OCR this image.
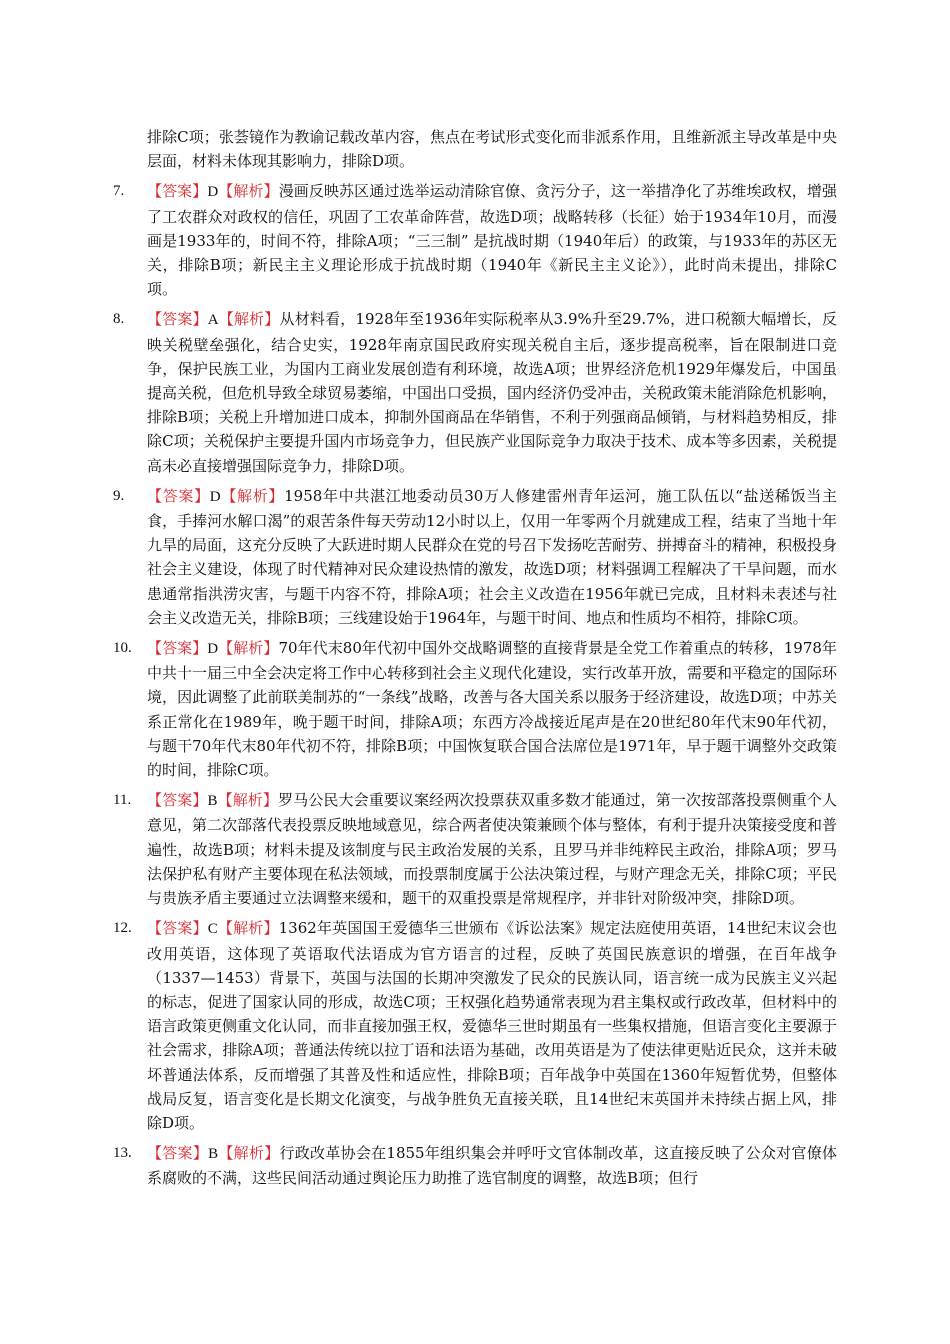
排除C项；张荟镜作为教谕记载改革内容，焦点在考试形式变化而非派系作用，且维新派主导改革是中央层面，材料未体现其影响力，排除D项。

7. 【答案】D【解析】漫画反映苏区通过选举运动清除官僚、贪污分子，这一举措净化了苏维埃政权，增强了工农群众对政权的信任，巩固了工农革命阵营，故选D项；战略转移（长征）始于1934年10月，而漫画是1933年的，时间不符，排除A项；“三三制” 是抗战时期（1940年后）的政策，与1933年的苏区无关，排除B项；新民主主义理论形成于抗战时期（1940年《新民主主义论》），此时尚未提出，排除C项。
8. 【答案】A【解析】从材料看，1928年至1936年实际税率从3.9%升至29.7%，进口税额大幅增长，反映关税壁垒强化，结合史实，1928年南京国民政府实现关税自主后，逐步提高税率，旨在限制进口竞争，保护民族工业，为国内工商业发展创造有利环境，故选A项；世界经济危机1929年爆发后，中国虽提高关税，但危机导致全球贸易萎缩，中国出口受损，国内经济仍受冲击，关税政策未能消除危机影响，排除B项；关税上升增加进口成本，抑制外国商品在华销售，不利于列强商品倾销，与材料趋势相反，排除C项；关税保护主要提升国内市场竞争力，但民族产业国际竞争力取决于技术、成本等多因素，关税提高未必直接增强国际竞争力，排除D项。
9. 【答案】D【解析】1958年中共湛江地委动员30万人修建雷州青年运河，施工队伍以“盐送稀饭当主食，手捧河水解口渴”的艰苦条件每天劳动12小时以上，仅用一年零两个月就建成工程，结束了当地十年九旱的局面，这充分反映了大跃进时期人民群众在党的号召下发扬吃苦耐劳、拼搏奋斗的精神，积极投身社会主义建设，体现了时代精神对民众建设热情的激发，故选D项；材料强调工程解决了干旱问题，而水患通常指洪涝灾害，与题干内容不符，排除A项；社会主义改造在1956年就已完成，且材料未表述与社会主义改造无关，排除B项；三线建设始于1964年，与题干时间、地点和性质均不相符，排除C项。
10. 【答案】D【解析】70年代末80年代初中国外交战略调整的直接背景是全党工作着重点的转移，1978年中共十一届三中全会决定将工作中心转移到社会主义现代化建设，实行改革开放，需要和平稳定的国际环境，因此调整了此前联美制苏的“一条线”战略，改善与各大国关系以服务于经济建设，故选D项；中苏关系正常化在1989年，晚于题干时间，排除A项；东西方冷战接近尾声是在20世纪80年代末90年代初，与题干70年代末80年代初不符，排除B项；中国恢复联合国合法席位是1971年，早于题干调整外交政策的时间，排除C项。
11. 【答案】B【解析】罗马公民大会重要议案经两次投票获双重多数才能通过，第一次按部落投票侧重个人意见，第二次部落代表投票反映地域意见，综合两者使决策兼顾个体与整体，有利于提升决策接受度和普遍性，故选B项；材料未提及该制度与民主政治发展的关系，且罗马并非纯粹民主政治，排除A项；罗马法保护私有财产主要体现在私法领域，而投票制度属于公法决策过程，与财产理念无关，排除C项；平民与贵族矛盾主要通过立法调整来缓和，题干的双重投票是常规程序，并非针对阶级冲突，排除D项。
12. 【答案】C【解析】1362年英国国王爱德华三世颁布《诉讼法案》规定法庭使用英语，14世纪末议会也改用英语，这体现了英语取代法语成为官方语言的过程，反映了英国民族意识的增强，在百年战争（1337—1453）背景下，英国与法国的长期冲突激发了民众的民族认同，语言统一成为民族主义兴起的标志，促进了国家认同的形成，故选C项；王权强化趋势通常表现为君主集权或行政改革，但材料中的语言政策更侧重文化认同，而非直接加强王权，爱德华三世时期虽有一些集权措施，但语言变化主要源于社会需求，排除A项；普通法传统以拉丁语和法语为基础，改用英语是为了使法律更贴近民众，这并未破坏普通法体系，反而增强了其普及性和适应性，排除B项；百年战争中英国在1360年短暂优势，但整体战局反复，语言变化是长期文化演变，与战争胜负无直接关联，且14世纪末英国并未持续占据上风，排除D项。
13. 【答案】B【解析】行政改革协会在1855年组织集会并呼吁文官体制改革，这直接反映了公众对官僚体系腐败的不满，这些民间活动通过舆论压力助推了选官制度的调整，故选B项；但行
